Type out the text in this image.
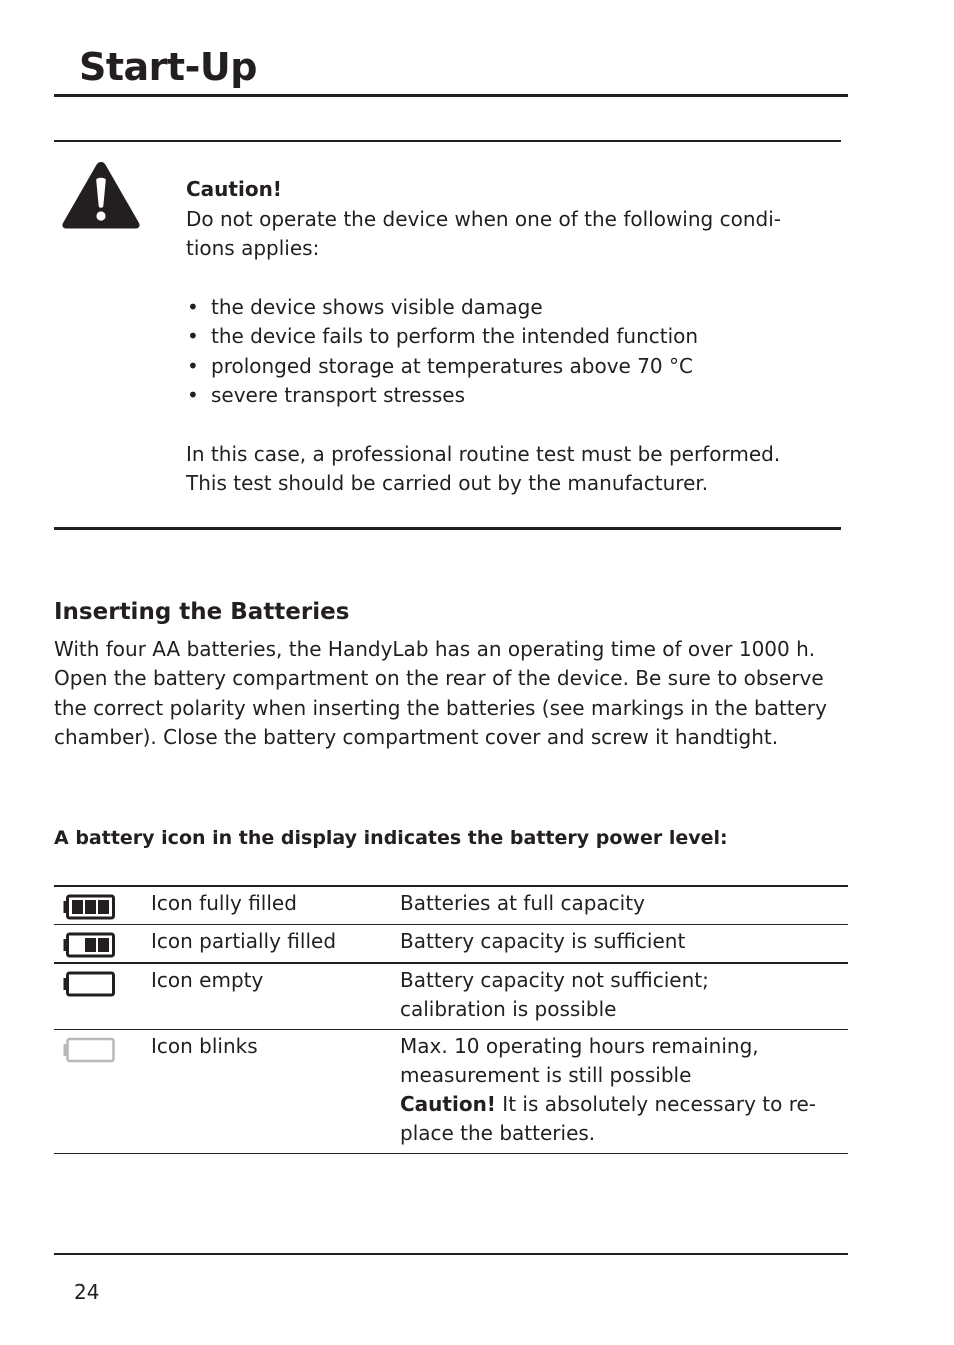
Start-Up

Caution!

Do not operate the device when one of the following condi-tions applies:

• the device shows visible damage
• the device fails to perform the intended function
• prolonged storage at temperatures above 70 °C
• severe transport stresses

In this case, a professional routine test must be performed.

This test should be carried out by the manufacturer.

Inserting the Batteries

With four AA batteries, the HandyLab has an operating time of over 1000 h. Open the battery compartment on the rear of the device. Be sure to observe the correct polarity when inserting the batteries (see markings in the battery chamber). Close the battery compartment cover and screw it handtight.

A battery icon in the display indicates the battery power level:
	Icon fully filled	Batteries at full capacity

	Icon partially filled	Battery capacity is sufficient

	Icon empty	Battery capacity not sufficient;
calibration is possible

	Icon blinks	Max. 10 operating hours remaining,
measurement is still possible
Caution! It is absolutely necessary to re-place the batteries.
24
